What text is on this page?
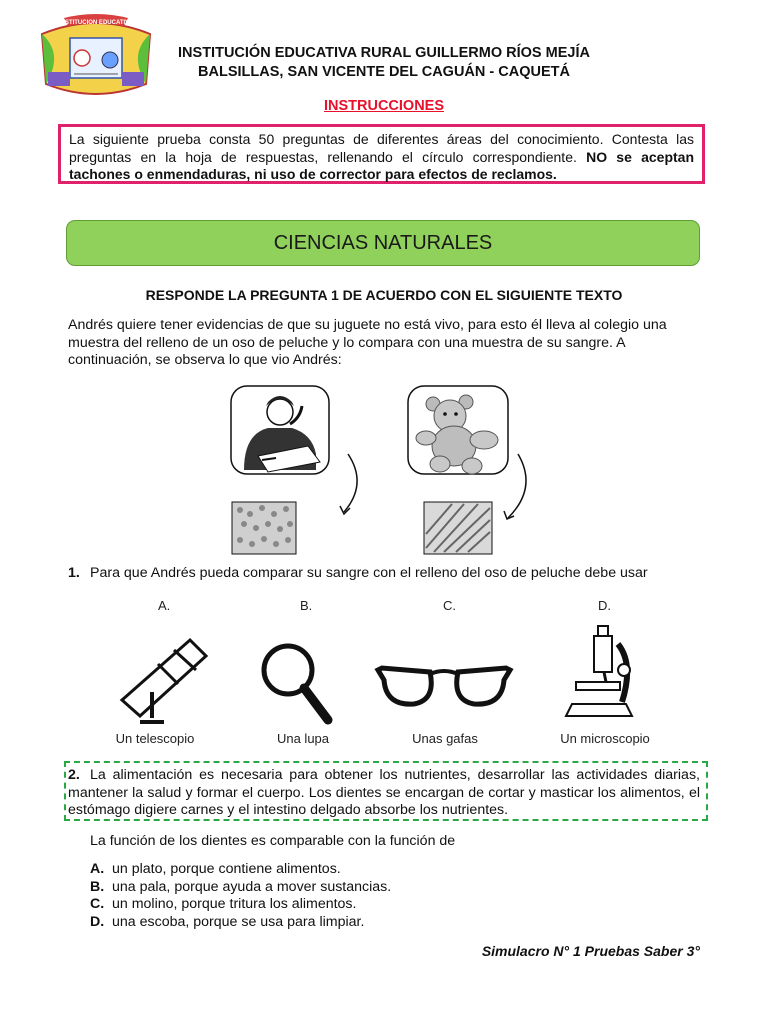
INSTITUCION EDUCATIVA
INSTITUCIÓN EDUCATIVA RURAL GUILLERMO RÍOS MEJÍA
BALSILLAS, SAN VICENTE DEL CAGUÁN - CAQUETÁ
INSTRUCCIONES
La siguiente prueba consta 50 preguntas de diferentes áreas del conocimiento. Contesta las preguntas en la hoja de respuestas, rellenando el círculo correspondiente. NO se aceptan tachones o enmendaduras, ni uso de corrector para efectos de reclamos.
CIENCIAS NATURALES
RESPONDE LA PREGUNTA 1 DE ACUERDO CON EL SIGUIENTE TEXTO
Andrés quiere tener evidencias de que su juguete no está vivo, para esto él lleva al colegio una muestra del relleno de un oso de peluche y lo compara con una muestra de su sangre. A continuación, se observa lo que vio Andrés:
1. Para que Andrés pueda comparar su sangre con el relleno del oso de peluche debe usar
A.	B.	C.	D.
Un telescopio	Una lupa	Unas gafas	Un microscopio
2. La alimentación es necesaria para obtener los nutrientes, desarrollar las actividades diarias, mantener la salud y formar el cuerpo. Los dientes se encargan de cortar y masticar los alimentos, el estómago digiere carnes y el intestino delgado absorbe los nutrientes.
La función de los dientes es comparable con la función de
A. un plato, porque contiene alimentos.
B. una pala, porque ayuda a mover sustancias.
C. un molino, porque tritura los alimentos.
D. una escoba, porque se usa para limpiar.
Simulacro N° 1 Pruebas Saber 3°
